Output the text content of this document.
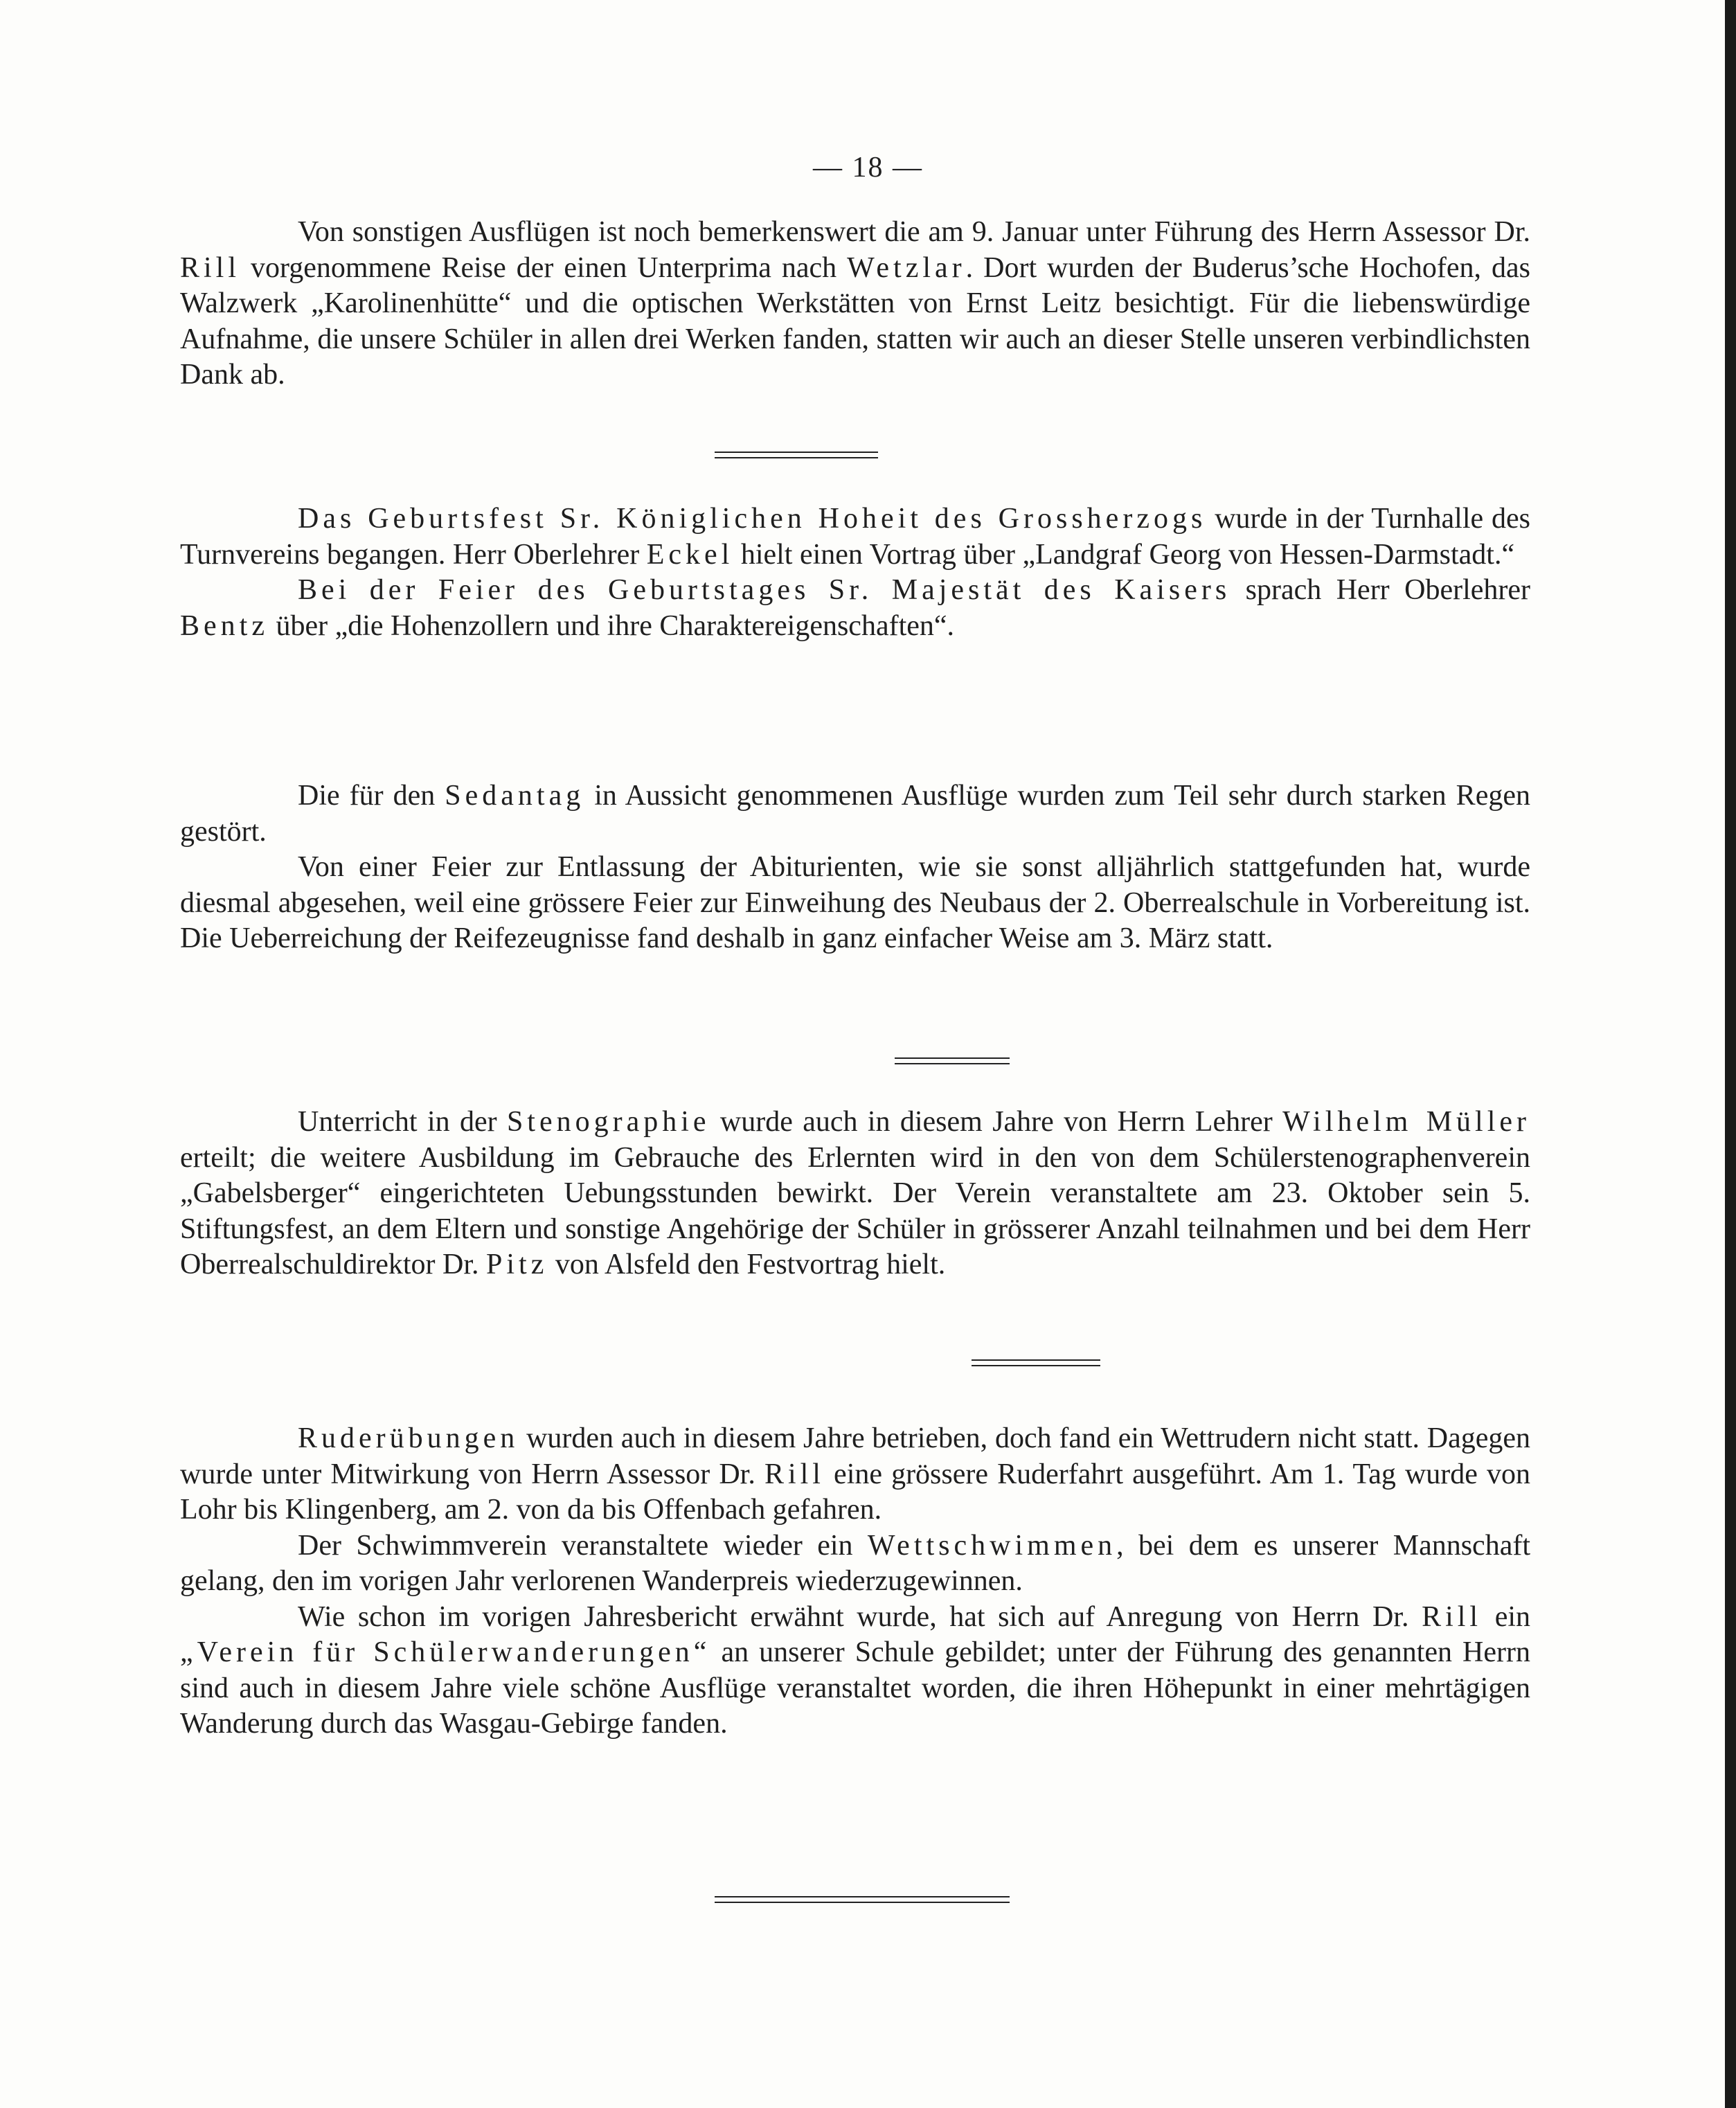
— 18 —

Von sonstigen Ausflügen ist noch bemerkenswert die am 9. Januar unter Führung des Herrn Assessor Dr. Rill vorgenommene Reise der einen Unterprima nach Wetzlar. Dort wurden der Buderus’sche Hochofen, das Walzwerk „Karolinenhütte“ und die optischen Werkstätten von Ernst Leitz besichtigt. Für die liebenswürdige Aufnahme, die unsere Schüler in allen drei Werken fanden, statten wir auch an dieser Stelle unseren verbindlichsten Dank ab.

Das Geburtsfest Sr. Königlichen Hoheit des Grossherzogs wurde in der Turnhalle des Turnvereins begangen. Herr Oberlehrer Eckel hielt einen Vortrag über „Landgraf Georg von Hessen-Darmstadt.“

Bei der Feier des Geburtstages Sr. Majestät des Kaisers sprach Herr Oberlehrer Bentz über „die Hohenzollern und ihre Charaktereigenschaften“.

Die für den Sedantag in Aussicht genommenen Ausflüge wurden zum Teil sehr durch starken Regen gestört.

Von einer Feier zur Entlassung der Abiturienten, wie sie sonst alljährlich stattgefunden hat, wurde diesmal abgesehen, weil eine grössere Feier zur Einweihung des Neubaus der 2. Oberrealschule in Vorbereitung ist. Die Ueberreichung der Reifezeugnisse fand deshalb in ganz einfacher Weise am 3. März statt.

Unterricht in der Stenographie wurde auch in diesem Jahre von Herrn Lehrer Wilhelm Müller erteilt; die weitere Ausbildung im Gebrauche des Erlernten wird in den von dem Schülerstenographenverein „Gabelsberger“ eingerichteten Uebungsstunden bewirkt. Der Verein veranstaltete am 23. Oktober sein 5. Stiftungsfest, an dem Eltern und sonstige Angehörige der Schüler in grösserer Anzahl teilnahmen und bei dem Herr Oberrealschuldirektor Dr. Pitz von Alsfeld den Festvortrag hielt.

Ruderübungen wurden auch in diesem Jahre betrieben, doch fand ein Wettrudern nicht statt. Dagegen wurde unter Mitwirkung von Herrn Assessor Dr. Rill eine grössere Ruderfahrt ausgeführt. Am 1. Tag wurde von Lohr bis Klingenberg, am 2. von da bis Offenbach gefahren.

Der Schwimmverein veranstaltete wieder ein Wettschwimmen, bei dem es unserer Mannschaft gelang, den im vorigen Jahr verlorenen Wanderpreis wiederzugewinnen.

Wie schon im vorigen Jahresbericht erwähnt wurde, hat sich auf Anregung von Herrn Dr. Rill ein „Verein für Schülerwanderungen“ an unserer Schule gebildet; unter der Führung des genannten Herrn sind auch in diesem Jahre viele schöne Ausflüge veranstaltet worden, die ihren Höhepunkt in einer mehrtägigen Wanderung durch das Wasgau-Gebirge fanden.
